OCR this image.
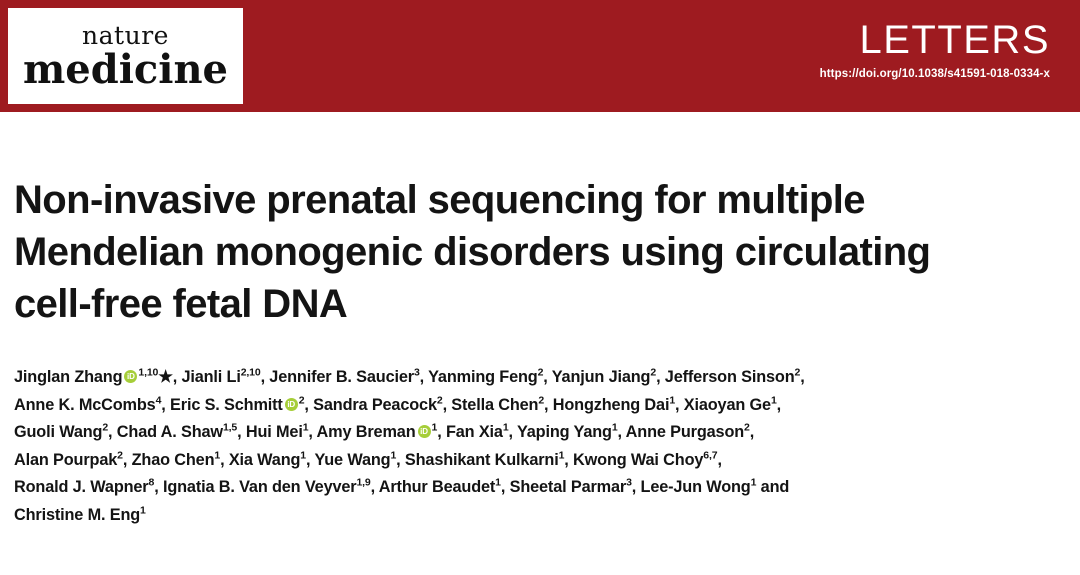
nature
medicine
LETTERS
https://doi.org/10.1038/s41591-018-0334-x
Non-invasive prenatal sequencing for multiple
Mendelian monogenic disorders using circulating
cell-free fetal DNA
Jinglan Zhang iD $^{1,10}$★, Jianli Li$^{2,10}$, Jennifer B. Saucier$^3$, Yanming Feng$^2$, Yanjun Jiang$^2$, Jefferson Sinson$^2$,
Anne K. McCombs$^4$, Eric S. Schmitt iD $^2$, Sandra Peacock$^2$, Stella Chen$^2$, Hongzheng Dai$^1$, Xiaoyan Ge$^1$,
Guoli Wang$^2$, Chad A. Shaw$^{1,5}$, Hui Mei$^1$, Amy Breman iD $^1$, Fan Xia$^1$, Yaping Yang$^1$, Anne Purgason$^2$,
Alan Pourpak$^2$, Zhao Chen$^1$, Xia Wang$^1$, Yue Wang$^1$, Shashikant Kulkarni$^1$, Kwong Wai Choy$^{6,7}$,
Ronald J. Wapner$^8$, Ignatia B. Van den Veyver$^{1,9}$, Arthur Beaudet$^1$, Sheetal Parmar$^3$, Lee-Jun Wong$^1$ and
Christine M. Eng$^1$
